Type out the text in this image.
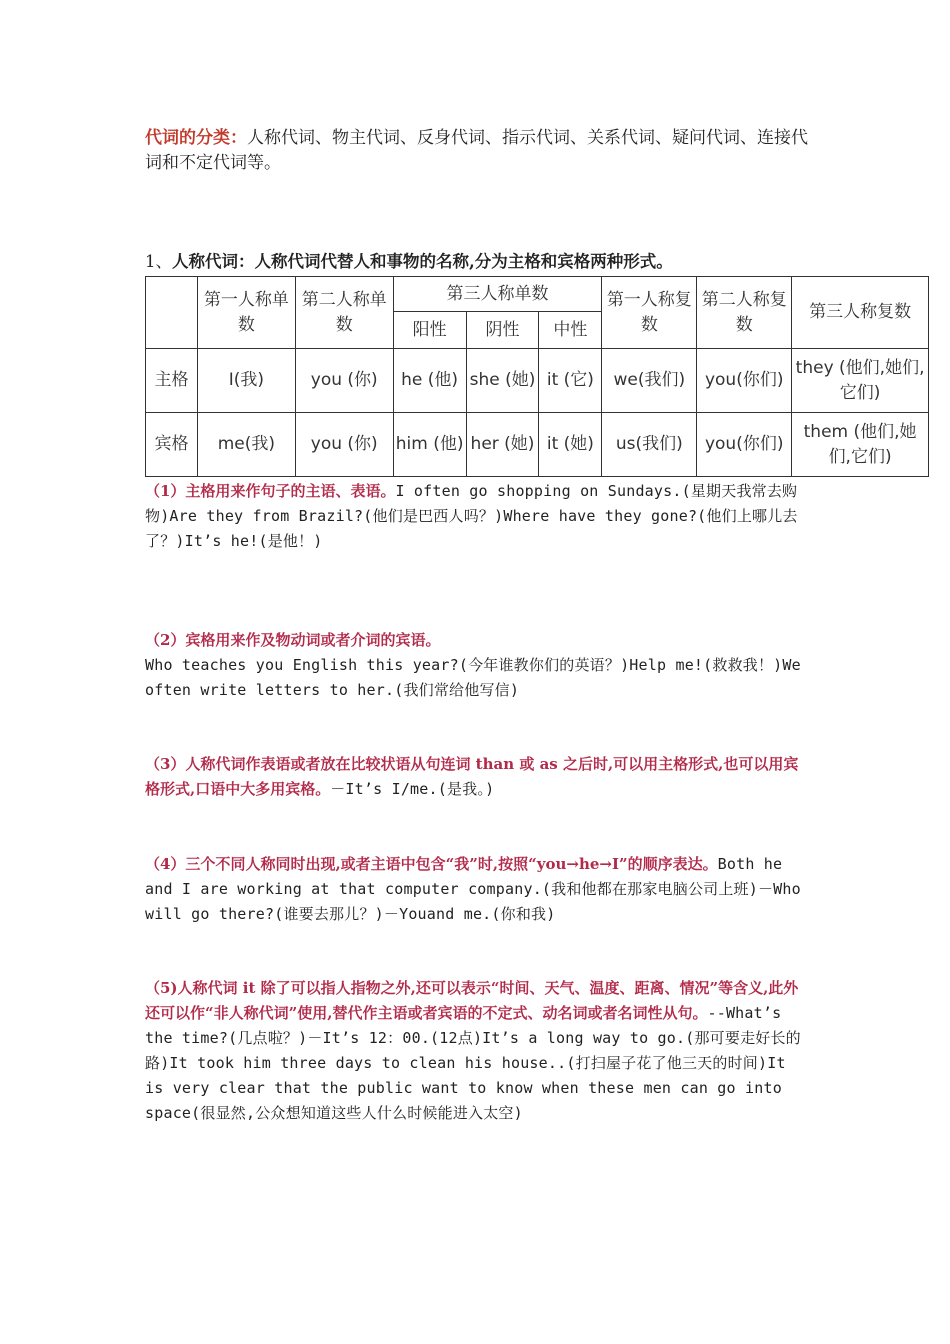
代词的分类：人称代词、物主代词、反身代词、指示代词、关系代词、疑问代词、连接代词和不定代词等。
1、人称代词：人称代词代替人和事物的名称,分为主格和宾格两种形式。
	第一人称单数	第二人称单数	第三人称单数			第一人称复数	第二人称复数	第三人称复数
			阳性	阴性	中性			
主格	I(我)	you (你)	he (他)	she (她)	it (它)	we(我们)	you(你们)	they (他们,她们,它们)
宾格	me(我)	you (你)	him (他)	her (她)	it (她)	us(我们)	you(你们)	them (他们,她们,它们)
（1）主格用来作句子的主语、表语。I often go shopping on Sundays.(星期天我常去购物)Are they from Brazil?(他们是巴西人吗？)Where have they gone?(他们上哪儿去了？)It’s he!(是他！)
（2）宾格用来作及物动词或者介词的宾语。
Who teaches you English this year?(今年谁教你们的英语？)Help me!(救救我！)We often write letters to her.(我们常给他写信)
（3）人称代词作表语或者放在比较状语从句连词 than 或 as 之后时,可以用主格形式,也可以用宾格形式,口语中大多用宾格。－It’s I/me.(是我。)
（4）三个不同人称同时出现,或者主语中包含“我”时,按照“you→he→I”的顺序表达。Both he and I are working at that computer company.(我和他都在那家电脑公司上班)－Who will go there?(谁要去那儿？)－Youand me.(你和我)
（5)人称代词 it 除了可以指人指物之外,还可以表示“时间、天气、温度、距离、情况”等含义,此外还可以作“非人称代词”使用,替代作主语或者宾语的不定式、动名词或者名词性从句。--What’s the time?(几点啦？)－It’s 12：00.(12点)It’s a long way to go.(那可要走好长的路)It took him three days to clean his house..(打扫屋子花了他三天的时间)It is very clear that the public want to know when these men can go into space(很显然,公众想知道这些人什么时候能进入太空)
